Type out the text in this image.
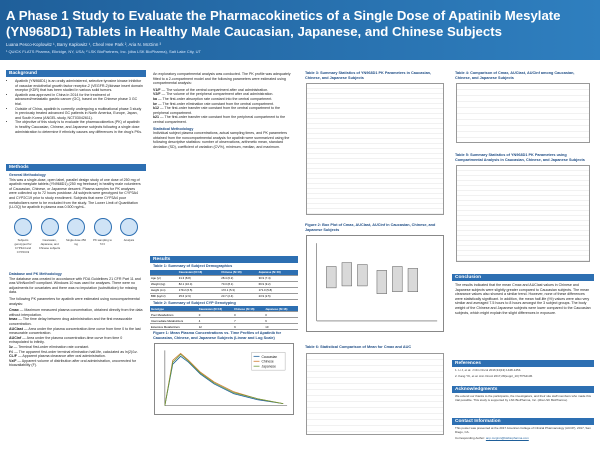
A Phase 1 Study to Evaluate the Pharmacokinetics of a Single Dose of Apatinib Mesylate (YN968D1) Tablets in Healthy Male Caucasian, Japanese, and Chinese Subjects
Luana Pesco-Koplowitz ¹, Barry Kaplowitz ¹, Cheol Hee Park ², Aria N. McGinn ³
¹ QUICK FLATS Pharma, Elkridge, NY, USA; ² LSK BioPartners, Inc. (dba LSK BioPharma), Salt Lake City, UT
Background
• Apatinib (YN968D1) is an orally administered, selective tyrosine kinase inhibitor of vascular endothelial growth factor receptor-2 (VEGFR-2)/kinase insert domain receptor (KDR) that has been studied in various solid tumors.
• Apatinib was approved in China in 2014 for the treatment of advanced/metastatic gastric cancer (GC), based on the Chinese phase 3 GC trial.
• Outside of China, apatinib is currently undergoing a multinational phase 3 study in previously treated advanced GC patients in North America, Europe, Japan, and South Korea (ANGEL study, NCT03042611).
• The objective of this study is to evaluate the pharmacokinetics (PK) of apatinib in healthy Caucasian, Chinese, and Japanese subjects following a single dose administration to determine if ethnicity causes any differences in the drug's PKs.
Methods
General Methodology

This was a single-dose, open label, parallel design study of one dose of 250 mg of apatinib mesylate tablets (YN968D1) (250 mg freebase) in healthy male volunteers of Caucasian, Chinese, or Japanese descent. Plasma samples for PK analyses were collected up to 72 hours postdose. All subjects were genotyped for CYP3A4 and CYP2C19 prior to study enrollment. Subjects that were CYP3A4 poor metabolizers were to be excluded from the study. The Lower Limit of Quantitation (LLOQ) for apatinib in plasma was 0.500 ng/mL.

Subjects genotyped for CYP3A4 and CYP2C19
Caucasian, Japanese, and Chinese subjects
Single dose 250 mg
PK sampling to 72 h
Analysis
Database and PK Methodology

The database was created in accordance with FDA Guidelines 21 CFR Part 11 and was WinNonlin® compliant. Windows 10 was used for analyses. There were no adjustments for covariates and there was no imputation (substitution) for missing data.

The following PK parameters for apatinib were estimated using noncompartmental analysis:

Cmax — Maximum measured plasma concentration, obtained directly from the data without interpolation.
tmax — The time delay between drug administration and the first measurable concentration.
AUClast — Area under the plasma concentration-time curve from time 0 to the last measurable concentration.
AUCinf — Area under the plasma concentration-time curve from time 0 extrapolated to infinity.
λz — Terminal first-order elimination rate constant.
t½ — The apparent first-order terminal elimination half-life, calculated as ln(2)/λz.
CL/F — Apparent plasma clearance after oral administration.
Vz/F — Apparent volume of distribution after oral administration, uncorrected for bioavailability (F).

An exploratory compartmental analysis was conducted. The PK profile was adequately fitted to a 2-compartment model and the following parameters were estimated using compartmental analysis:

V1/F — The volume of the central compartment after oral administration.
V2/F — The volume of the peripheral compartment after oral administration.
ka — The first-order absorption rate constant into the central compartment.
ke — The first-order elimination rate constant from the central compartment.
k12 — The first-order transfer rate constant from the central compartment to the peripheral compartment.
k21 — The first-order transfer rate constant from the peripheral compartment to the central compartment.
Statistical Methodology

Individual subject plasma concentrations, actual sampling times, and PK parameters obtained from the noncompartmental analysis for apatinib were summarized using the following descriptive statistics: number of observations, arithmetic mean, standard deviation (SD), coefficient of variation (CV%), minimum, median, and maximum.

Results
Table 1: Summary of Subject Demographics
	Caucasian (N=16)	Chinese (N=16)	Japanese (N=16)
Age (yr)	31.3 (8.8)	28.4 (6.2)	30.9 (7.4)
Weight (kg)	82.1 (10.4)	70.3 (8.1)	69.9 (9.2)
Height (cm)	179.2 (6.5)	172.1 (5.3)	171.0 (5.8)
BMI (kg/m²)	25.6 (2.9)	23.7 (2.4)	23.9 (2.5)
Table 2: Summary of Subject CYP Genotyping
Genotype	Caucasian (N=16)	Chinese (N=16)	Japanese (N=16)
Poor Metabolizers	0	0	0
Intermediate Metabolizers	4	7	6
Extensive Metabolizers	12	9	10
Figure 1: Mean Plasma Concentrations vs. Time Profiles of Apatinib for Caucasian, Chinese, and Japanese Subjects (Linear and Log Scale)
Caucasian
Chinese
Japanese
Table 3: Summary Statistics of YN968D1 PK Parameters in Caucasian, Chinese, and Japanese Subjects
Figure 2: Box Plot of Cmax, AUClast, AUCinf in Caucasian, Chinese, and Japanese Subjects
Table 6: Statistical Comparison of Mean for Cmax and AUC
Table 4: Comparison of Cmax, AUClast, AUCinf among Caucasian, Chinese, and Japanese Subjects
Table 5: Summary Statistics of YN968D1 PK Parameters using Compartmental Analysis in Caucasian, Chinese, and Japanese Subjects
Conclusion
The results indicated that the mean Cmax and AUClast values in Chinese and Japanese subjects were slightly greater compared to Caucasian subjects. The mean clearance values also showed a similar trend. However, none of these differences were statistically significant. In addition, the mean half-life (t½) values were also very similar and averaged 7.5 hours to 8 hours amongst the 3 subject groups. The body weight of the Chinese and Japanese subjects were lower compared to the Caucasian subjects, which might explain the slight differences in exposure.
References
1. Li J, et al. J Clin Oncol 2016;34(13):1448-1454.
2. Kang YK, et al. Ann Oncol 2017;28(suppl_10):TPS4136.
Acknowledgments
We extend our thanks to the participants, the investigators, and their site staff members who made this trial possible. This study is supported by LSK BioPharma, Inc. (dba LSK BioPharma).
Contact Information
This poster was presented at the 2017 American College of Clinical Pharmacology (ACCP), 2017, San Diego, CA.
Corresponding Author: anp.mcginn@lskbiopharma.com
